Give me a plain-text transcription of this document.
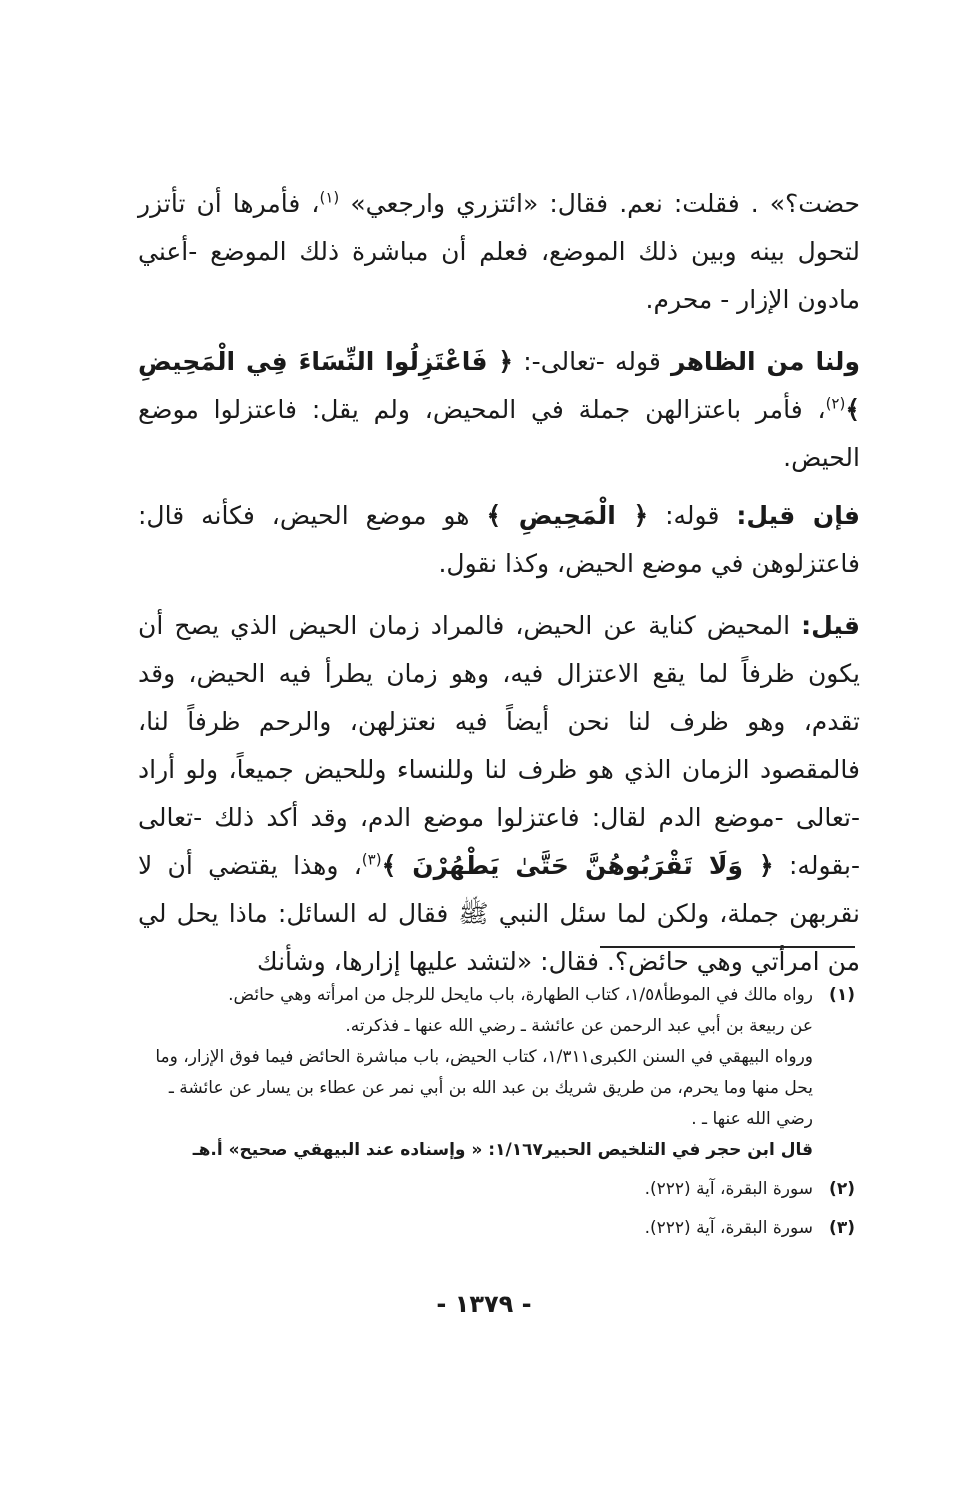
حضت؟» . فقلت: نعم. فقال: «ائتزري وارجعي» $^{(١)}$، فأمرها أن تأتزر لتحول بينه وبين ذلك الموضع، فعلم أن مباشرة ذلك الموضع -أعني مادون الإزار - محرم.

ولنا من الظاهر قوله -تعالى-: ﴿ فَاعْتَزِلُوا النِّسَاءَ فِي الْمَحِيضِ ﴾$^{(٢)}$، فأمر باعتزالهن جملة في المحيض، ولم يقل: فاعتزلوا موضع الحيض.

فإن قيل: قوله: ﴿ الْمَحِيضِ ﴾ هو موضع الحيض، فكأنه قال: فاعتزلوهن في موضع الحيض، وكذا نقول.

قيل: المحيض كناية عن الحيض، فالمراد زمان الحيض الذي يصح أن يكون ظرفاً لما يقع الاعتزال فيه، وهو زمان يطرأ فيه الحيض، وقد تقدم، وهو ظرف لنا نحن أيضاً فيه نعتزلهن، والرحم ظرفاً لنا، فالمقصود الزمان الذي هو ظرف لنا وللنساء وللحيض جميعاً، ولو أراد -تعالى -موضع الدم لقال: فاعتزلوا موضع الدم، وقد أكد ذلك -تعالى -بقوله: ﴿ وَلَا تَقْرَبُوهُنَّ حَتَّىٰ يَطْهُرْنَ ﴾$^{(٣)}$، وهذا يقتضي أن لا نقربهن جملة، ولكن لما سئل النبي ﷺ فقال له السائل: ماذا يحل لي من امرأتي وهي حائض؟. فقال: «لتشد عليها إزارها، وشأنك

(١)
رواه مالك في الموطأ١/٥٨، كتاب الطهارة، باب مايحل للرجل من امرأته وهي حائض.
عن ربيعة بن أبي عبد الرحمن عن عائشة ـ رضي الله عنها ـ فذكرته.
ورواه البيهقي في السنن الكبرى١/٣١١، كتاب الحيض، باب مباشرة الحائض فيما فوق الإزار، وما يحل منها وما يحرم، من طريق شريك بن عبد الله بن أبي نمر عن عطاء بن يسار عن عائشة ـ رضي الله عنها ـ .
قال ابن حجر في التلخيص الحبير١/١٦٧: « وإسناده عند البيهقي صحيح» أ.هـ
(٢)
سورة البقرة، آية (٢٢٢).
(٣)
سورة البقرة، آية (٢٢٢).
- ١٣٧٩ -
